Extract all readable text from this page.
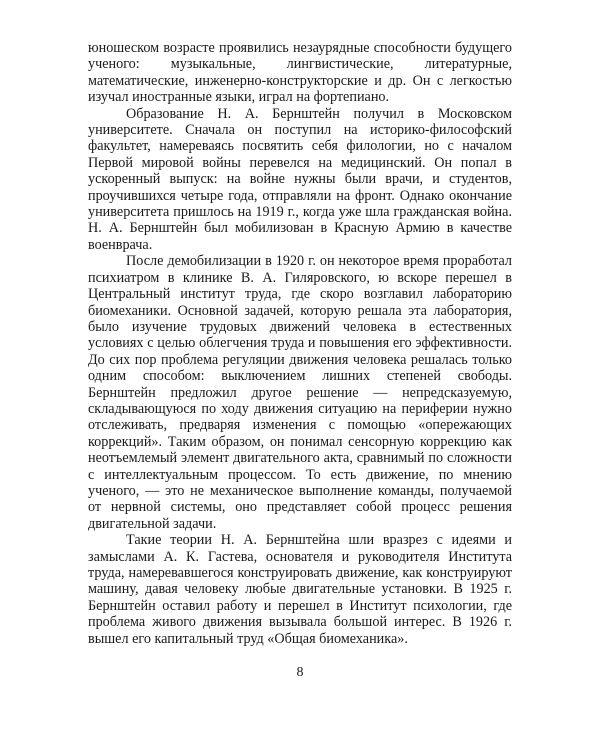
юношеском возрасте проявились незаурядные способности будущего ученого: музыкальные, лингвистические, литературные, математические, инженерно-конструкторские и др. Он с легкостью изучал иностранные языки, играл на фортепиано.

Образование Н. А. Бернштейн получил в Московском университете. Сначала он поступил на историко-философский факультет, намереваясь посвятить себя филологии, но с началом Первой мировой войны перевелся на медицинский. Он попал в ускоренный выпуск: на войне нужны были врачи, и студентов, проучившихся четыре года, отправляли на фронт. Однако окончание университета пришлось на 1919 г., когда уже шла гражданская война. Н. А. Бернштейн был мобилизован в Красную Армию в качестве военврача.

После демобилизации в 1920 г. он некоторое время проработал психиатром в клинике В. А. Гиляровского, ю вскоре перешел в Центральный институт труда, где скоро возглавил лабораторию биомеханики. Основной задачей, которую решала эта лаборатория, было изучение трудовых движений человека в естественных условиях с целью облегчения труда и повышения его эффективности. До сих пор проблема регуляции движения человека решалась только одним способом: выключением лишних степеней свободы. Бернштейн предложил другое решение — непредсказуемую, складывающуюся по ходу движения ситуацию на периферии нужно отслеживать, предваряя изменения с помощью «опережающих коррекций». Таким образом, он понимал сенсорную коррекцию как неотъемлемый элемент двигательного акта, сравнимый по сложности с интеллектуальным процессом. То есть движение, по мнению ученого, — это не механическое выполнение команды, получаемой от нервной системы, оно представляет собой процесс решения двигательной задачи.

Такие теории Н. А. Бернштейна шли вразрез с идеями и замыслами А. К. Гастева, основателя и руководителя Института труда, намеревавшегося конструировать движение, как конструируют машину, давая человеку любые двигательные установки. В 1925 г. Бернштейн оставил работу и перешел в Институт психологии, где проблема живого движения вызывала большой интерес. В 1926 г. вышел его капитальный труд «Общая биомеханика».

8
